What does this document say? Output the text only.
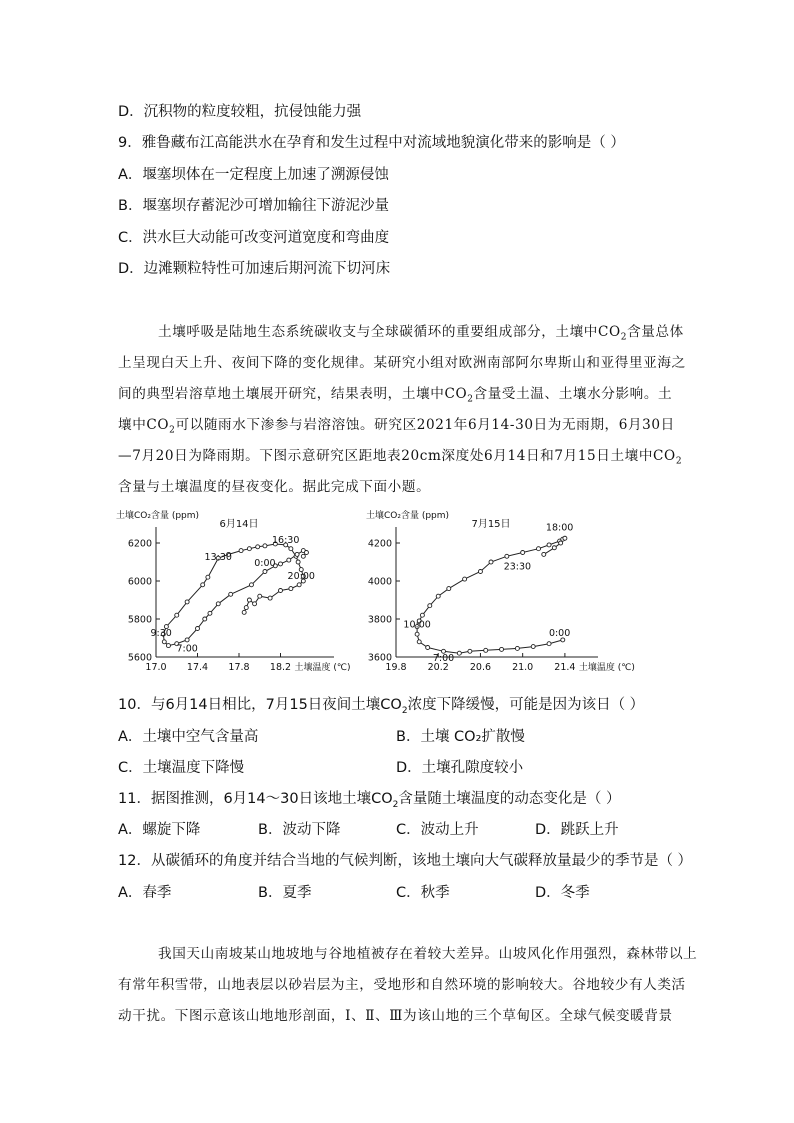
D．沉积物的粒度较粗，抗侵蚀能力强
9．雅鲁藏布江高能洪水在孕育和发生过程中对流域地貌演化带来的影响是（ ）
A．堰塞坝体在一定程度上加速了溯源侵蚀
B．堰塞坝存蓄泥沙可增加输往下游泥沙量
C．洪水巨大动能可改变河道宽度和弯曲度
D．边滩颗粒特性可加速后期河流下切河床
土壤呼吸是陆地生态系统碳收支与全球碳循环的重要组成部分，土壤中$CO_2$含量总体
上呈现白天上升、夜间下降的变化规律。某研究小组对欧洲南部阿尔卑斯山和亚得里亚海之
间的典型岩溶草地土壤展开研究，结果表明，土壤中$CO_2$含量受土温、土壤水分影响。土
壤中$CO_2$可以随雨水下渗参与岩溶溶蚀。研究区2021年6月14-30日为无雨期，6月30日
—7月20日为降雨期。下图示意研究区距地表20cm深度处6月14日和7月15日土壤中$CO_2$
含量与土壤温度的昼夜变化。据此完成下面小题。
土壤CO₂含量 (ppm)
6月14日
5600
5800
6000
6200
17.0 17.4 17.8 18.2 土壤温度 (℃)
13:30
16:30
0:00
20:00
9:30
7:00
土壤CO₂含量 (ppm)
7月15日
3600
3800
4000
4200
19.8 20.2 20.6 21.0 21.4 土壤温度 (℃)
18:00
23:30
10:00
7:00
0:00
10．与6月14日相比，7月15日夜间土壤$CO_2$浓度下降缓慢，可能是因为该日（ ）
A．土壤中空气含量高	B．土壤 CO₂扩散慢
C．土壤温度下降慢	D．土壤孔隙度较小
11．据图推测，6月14～30日该地土壤$CO_2$含量随土壤温度的动态变化是（ ）
A．螺旋下降	B．波动下降	C．波动上升	D．跳跃上升
12．从碳循环的角度并结合当地的气候判断，该地土壤向大气碳释放量最少的季节是（ ）
A．春季	B．夏季	C．秋季	D．冬季
我国天山南坡某山地坡地与谷地植被存在着较大差异。山坡风化作用强烈，森林带以上
有常年积雪带，山地表层以砂岩层为主，受地形和自然环境的影响较大。谷地较少有人类活
动干扰。下图示意该山地地形剖面，Ⅰ、Ⅱ、Ⅲ为该山地的三个草甸区。全球气候变暖背景
